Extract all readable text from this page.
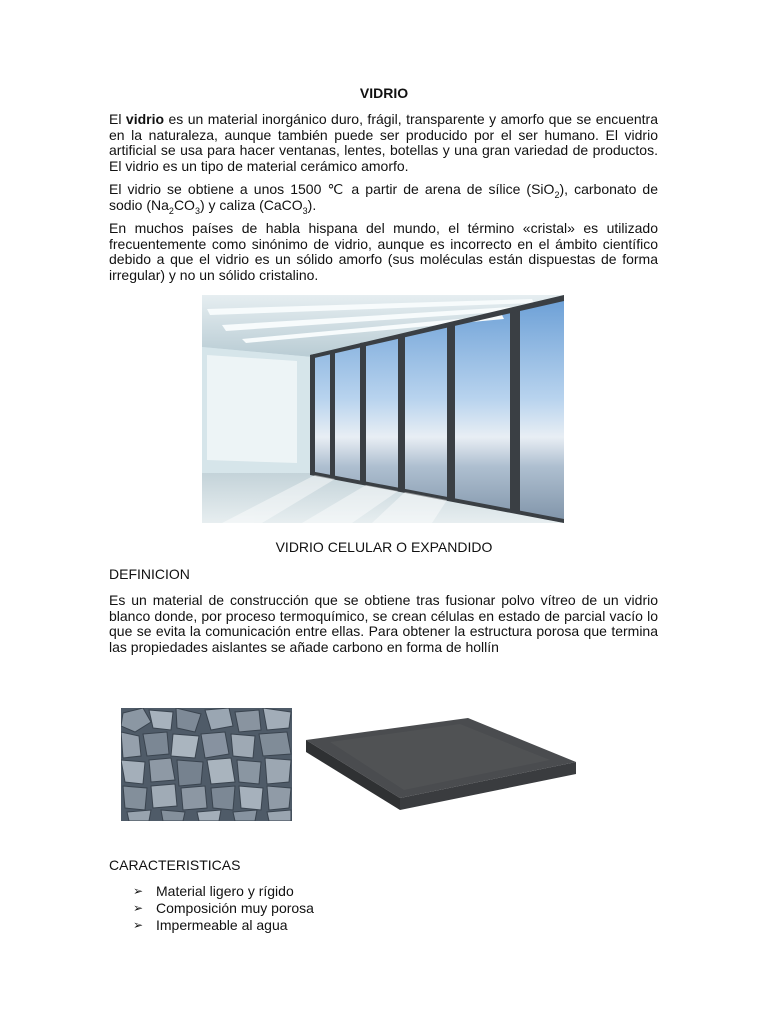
VIDRIO

El vidrio es un material inorgánico duro, frágil, transparente y amorfo que se encuentra en la naturaleza, aunque también puede ser producido por el ser humano. El vidrio artificial se usa para hacer ventanas, lentes, botellas y una gran variedad de productos. El vidrio es un tipo de material cerámico amorfo.

El vidrio se obtiene a unos 1500 ℃ a partir de arena de sílice (SiO$_2$), carbonato de sodio $(Na_2CO_3)$ y caliza (CaCO$_3$).

En muchos países de habla hispana del mundo, el término «cristal» es utilizado frecuentemente como sinónimo de vidrio, aunque es incorrecto en el ámbito científico debido a que el vidrio es un sólido amorfo (sus moléculas están dispuestas de forma irregular) y no un sólido cristalino.

VIDRIO CELULAR O EXPANDIDO
DEFINICION

Es un material de construcción que se obtiene tras fusionar polvo vítreo de un vidrio blanco donde, por proceso termoquímico, se crean células en estado de parcial vacío lo que se evita la comunicación entre ellas. Para obtener la estructura porosa que termina las propiedades aislantes se añade carbono en forma de hollín

CARACTERISTICAS
➢ Material ligero y rígido
➢ Composición muy porosa
➢ Impermeable al agua
